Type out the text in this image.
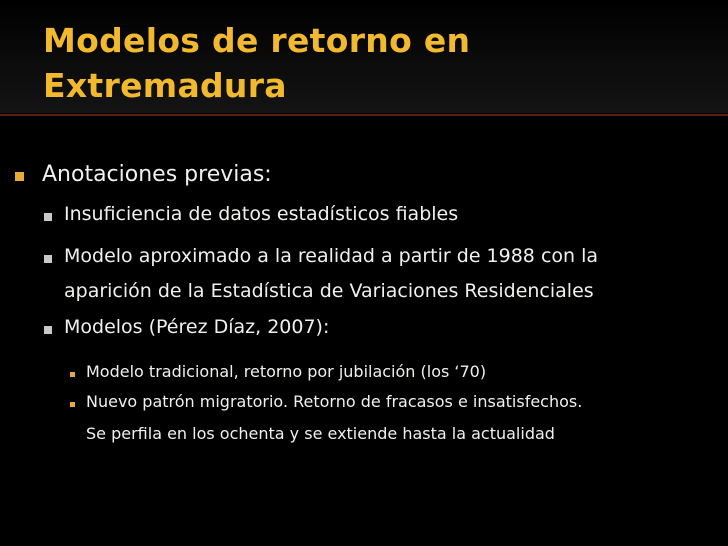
Modelos de retorno en
Extremadura
Anotaciones previas:
Insuficiencia de datos estadísticos fiables
Modelo aproximado a la realidad a partir de 1988 con la
aparición de la Estadística de Variaciones Residenciales
Modelos (Pérez Díaz, 2007):
Modelo tradicional, retorno por jubilación (los ‘70)
Nuevo patrón migratorio. Retorno de fracasos e insatisfechos.
Se perfila en los ochenta y se extiende hasta la actualidad
